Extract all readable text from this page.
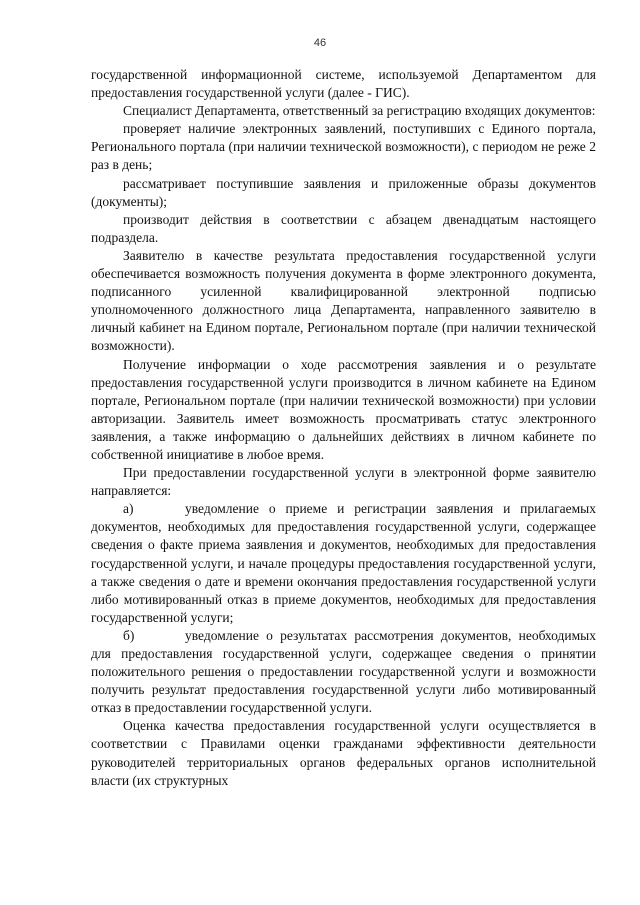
46

государственной информационной системе, используемой Департаментом для предоставления государственной услуги (далее - ГИС).

Специалист Департамента, ответственный за регистрацию входящих документов:

проверяет наличие электронных заявлений, поступивших с Единого портала, Регионального портала (при наличии технической возможности), с периодом не реже 2 раз в день;

рассматривает поступившие заявления и приложенные образы документов (документы);

производит действия в соответствии с абзацем двенадцатым настоящего подраздела.

Заявителю в качестве результата предоставления государственной услуги обеспечивается возможность получения документа в форме электронного документа, подписанного усиленной квалифицированной электронной подписью уполномоченного должностного лица Департамента, направленного заявителю в личный кабинет на Едином портале, Региональном портале (при наличии технической возможности).

Получение информации о ходе рассмотрения заявления и о результате предоставления государственной услуги производится в личном кабинете на Едином портале, Региональном портале (при наличии технической возможности) при условии авторизации. Заявитель имеет возможность просматривать статус электронного заявления, а также информацию о дальнейших действиях в личном кабинете по собственной инициативе в любое время.

При предоставлении государственной услуги в электронной форме заявителю направляется:

а)	уведомление о приеме и регистрации заявления и прилагаемых документов, необходимых для предоставления государственной услуги, содержащее сведения о факте приема заявления и документов, необходимых для предоставления государственной услуги, и начале процедуры предоставления государственной услуги, а также сведения о дате и времени окончания предоставления государственной услуги либо мотивированный отказ в приеме документов, необходимых для предоставления государственной услуги;

б)	уведомление о результатах рассмотрения документов, необходимых для предоставления государственной услуги, содержащее сведения о принятии положительного решения о предоставлении государственной услуги и возможности получить результат предоставления государственной услуги либо мотивированный отказ в предоставлении государственной услуги.

Оценка качества предоставления государственной услуги осуществляется в соответствии с Правилами оценки гражданами эффективности деятельности руководителей территориальных органов федеральных органов исполнительной власти (их структурных
